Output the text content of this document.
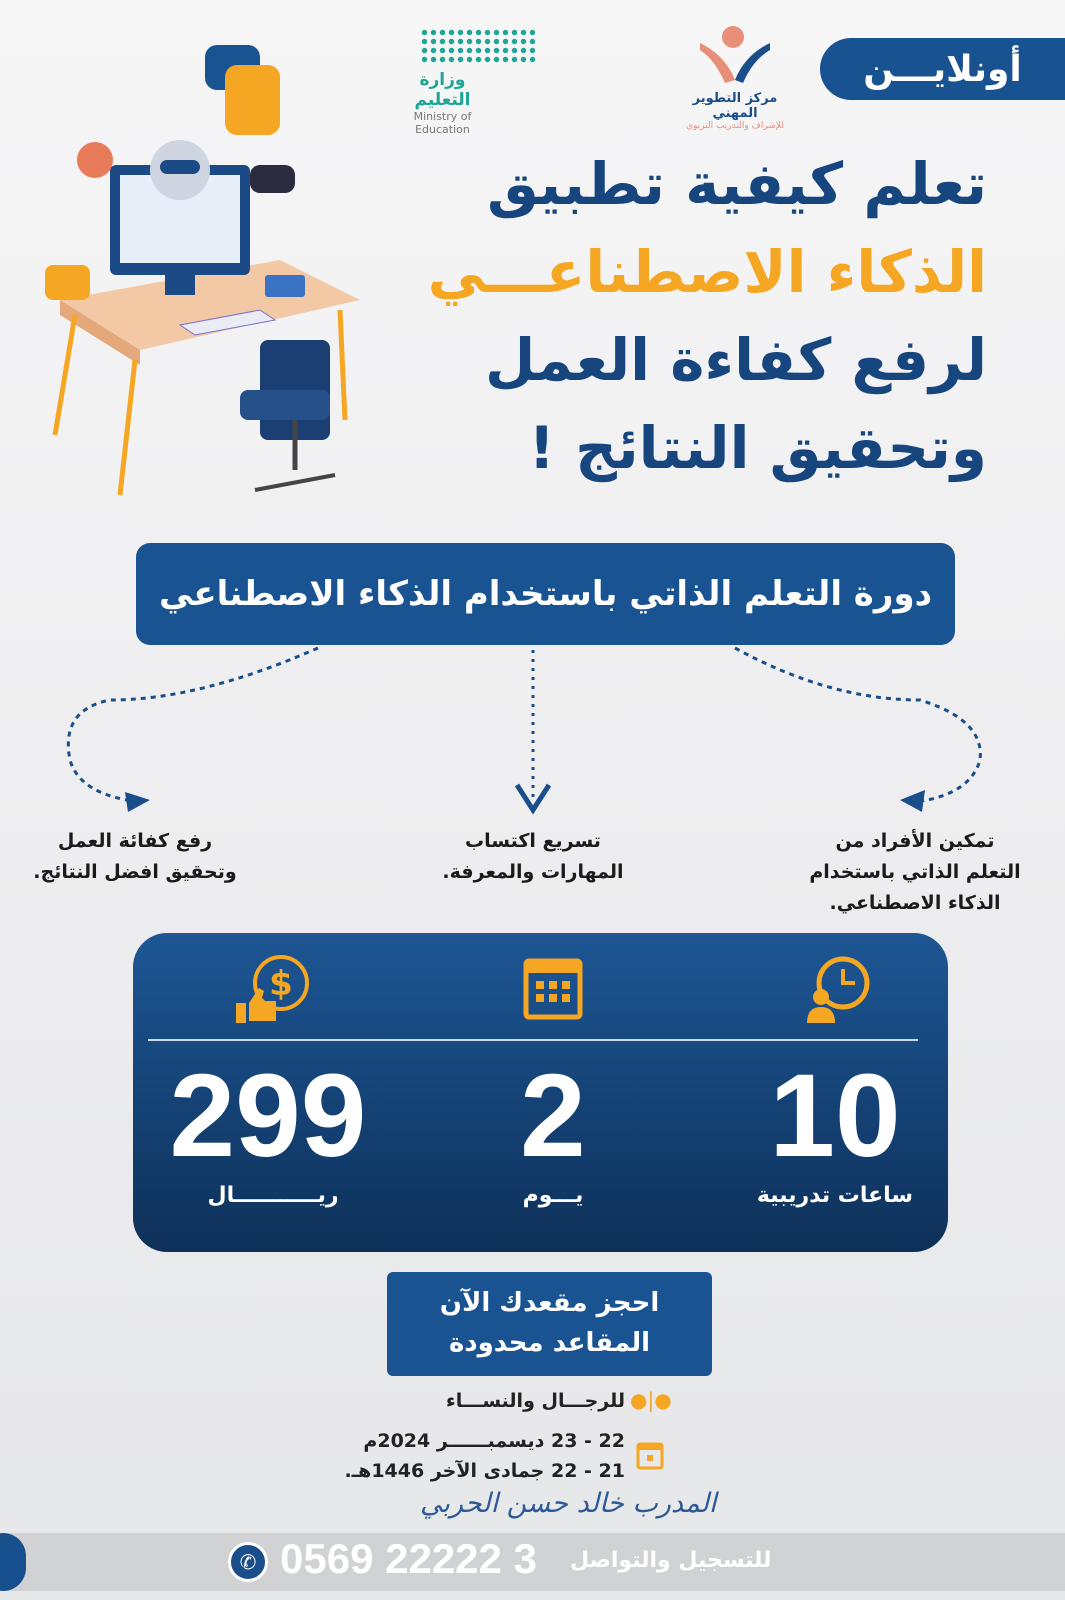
وزارة التعليم
Ministry of Education
مركز التطوير المهني
للإشراف والتدريب التربوي
أونلايـــن
تعلم كيفية تطبيق
الذكاء الاصطناعـــي
لرفع كفاءة العمل
وتحقيق النتائج !
دورة التعلم الذاتي باستخدام الذكاء الاصطناعي
تمكين الأفراد من
التعلم الذاتي باستخدام
الذكاء الاصطناعي.
تسريع اكتساب
المهارات والمعرفة.
رفع كفائة العمل
وتحقيق افضل النتائج.
$
10
2
299
ساعات تدريبية
يـــوم
ريـــــــــــال
احجز مقعدك الآن
المقاعد محدودة
●|●
للرجـــال والنســـاء
22 - 23 ديسمبــــــر 2024م
21 - 22 جمادى الآخر 1446هـ.
المدرب خالد حسن الحربي
للتسجيل والتواصل
0569 22222 3
✆
